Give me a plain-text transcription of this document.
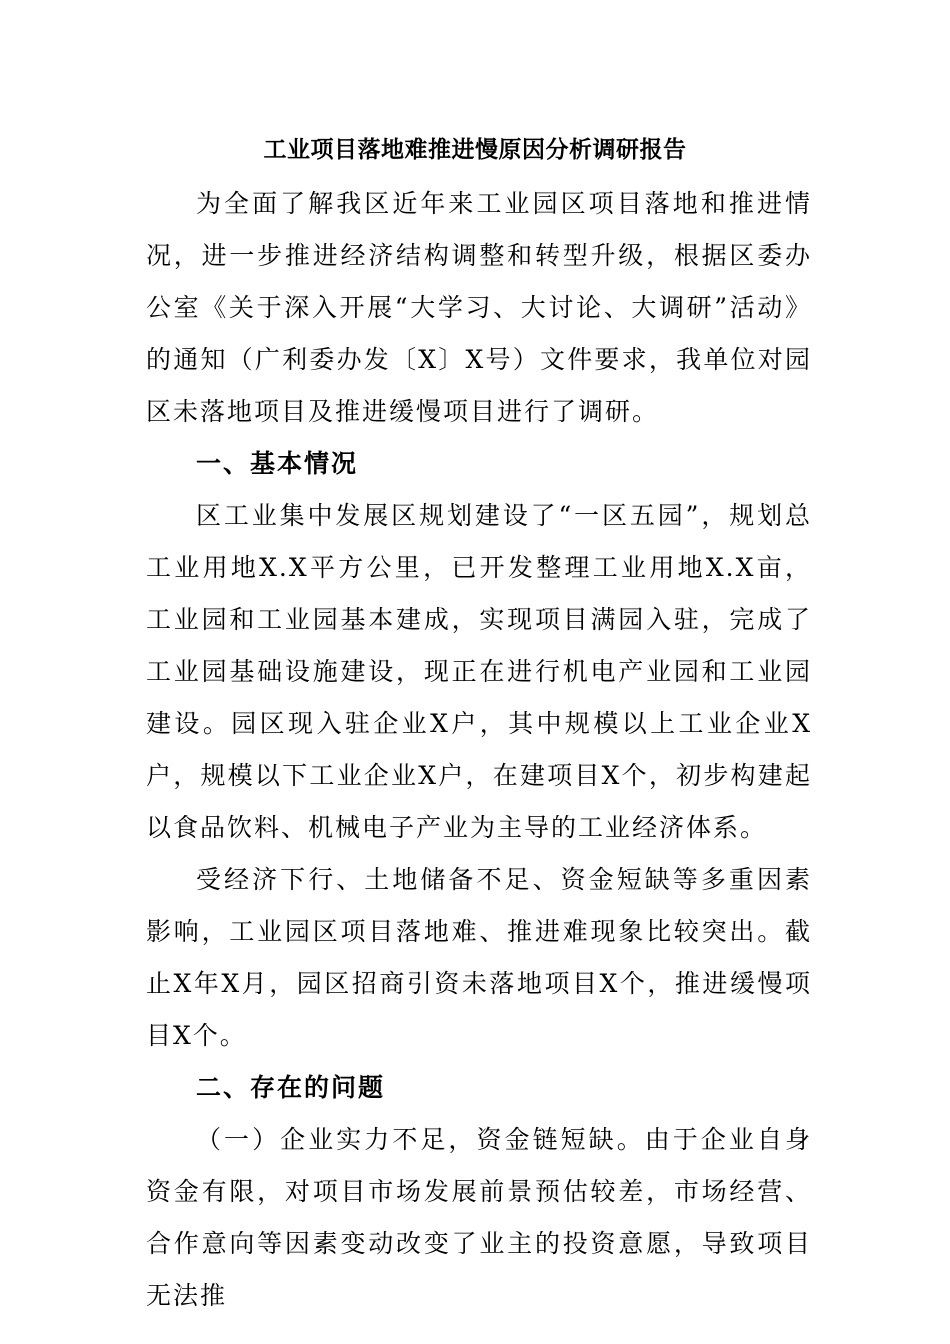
工业项目落地难推进慢原因分析调研报告

为全面了解我区近年来工业园区项目落地和推进情况，进一步推进经济结构调整和转型升级，根据区委办公室《关于深入开展“大学习、大讨论、大调研”活动》的通知（广利委办发〔X〕X号）文件要求，我单位对园区未落地项目及推进缓慢项目进行了调研。

一、基本情况

区工业集中发展区规划建设了“一区五园”，规划总工业用地X.X平方公里，已开发整理工业用地X.X亩，工业园和工业园基本建成，实现项目满园入驻，完成了工业园基础设施建设，现正在进行机电产业园和工业园建设。园区现入驻企业X户，其中规模以上工业企业X户，规模以下工业企业X户，在建项目X个，初步构建起以食品饮料、机械电子产业为主导的工业经济体系。

受经济下行、土地储备不足、资金短缺等多重因素影响，工业园区项目落地难、推进难现象比较突出。截止X年X月，园区招商引资未落地项目X个，推进缓慢项目X个。

二、存在的问题

（一）企业实力不足，资金链短缺。由于企业自身资金有限，对项目市场发展前景预估较差，市场经营、合作意向等因素变动改变了业主的投资意愿，导致项目无法推
